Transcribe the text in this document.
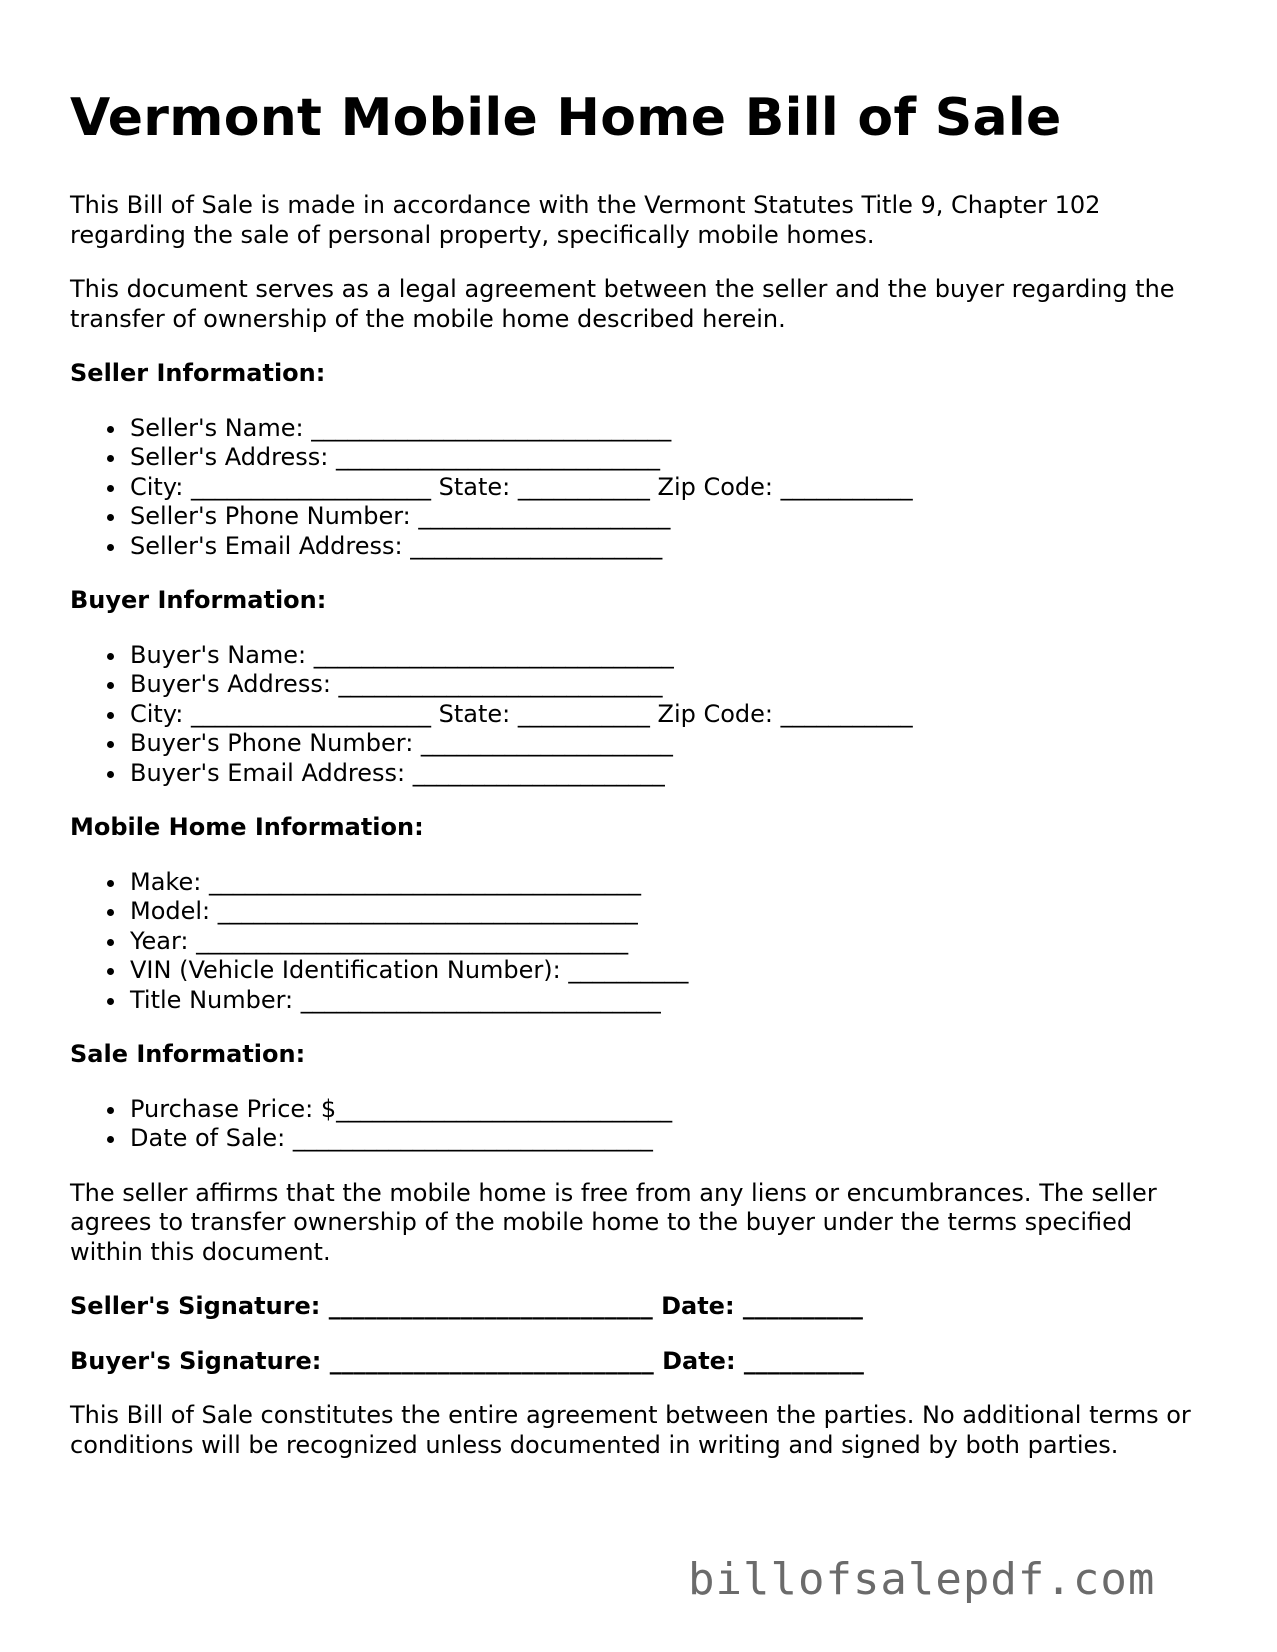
Vermont Mobile Home Bill of Sale

This Bill of Sale is made in accordance with the Vermont Statutes Title 9, Chapter 102 regarding the sale of personal property, specifically mobile homes.

This document serves as a legal agreement between the seller and the buyer regarding the transfer of ownership of the mobile home described herein.

Seller Information:
Seller's Name: ______________________________
Seller's Address: ___________________________
City: ____________________ State: ___________ Zip Code: ___________
Seller's Phone Number: _____________________
Seller's Email Address: _____________________
Buyer Information:
Buyer's Name: ______________________________
Buyer's Address: ___________________________
City: ____________________ State: ___________ Zip Code: ___________
Buyer's Phone Number: _____________________
Buyer's Email Address: _____________________
Mobile Home Information:
Make: ____________________________________
Model: ___________________________________
Year: ____________________________________
VIN (Vehicle Identification Number): __________
Title Number: ______________________________
Sale Information:
Purchase Price: $____________________________
Date of Sale: ______________________________

The seller affirms that the mobile home is free from any liens or encumbrances. The seller agrees to transfer ownership of the mobile home to the buyer under the terms specified within this document.

Seller's Signature: ___________________________ Date: __________
Buyer's Signature: ___________________________ Date: __________

This Bill of Sale constitutes the entire agreement between the parties. No additional terms or conditions will be recognized unless documented in writing and signed by both parties.

billofsalepdf.com
